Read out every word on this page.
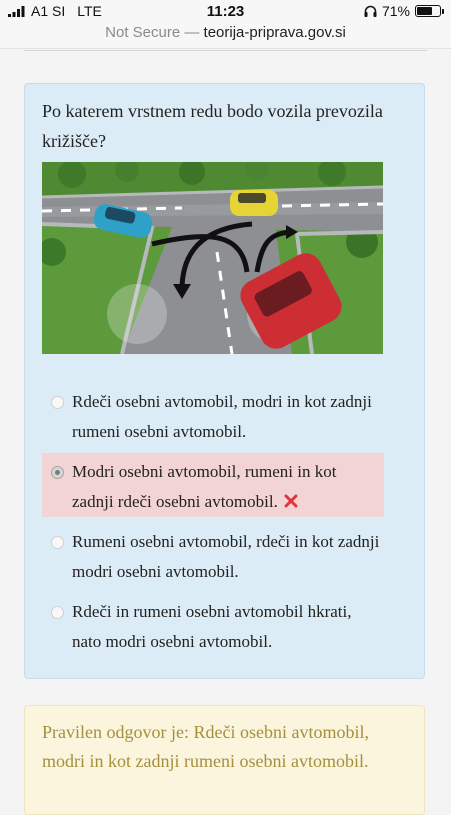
A1 SI LTE	11:23	71%
Not Secure — teorija-priprava.gov.si

Po katerem vrstnem redu bodo vozila prevozila križišče?

Rdeči osebni avtomobil, modri in kot zadnji rumeni osebni avtomobil.
Modri osebni avtomobil, rumeni in kot zadnji rdeči osebni avtomobil.
Rumeni osebni avtomobil, rdeči in kot zadnji modri osebni avtomobil.
Rdeči in rumeni osebni avtomobil hkrati, nato modri osebni avtomobil.

Pravilen odgovor je: Rdeči osebni avtomobil, modri in kot zadnji rumeni osebni avtomobil.
